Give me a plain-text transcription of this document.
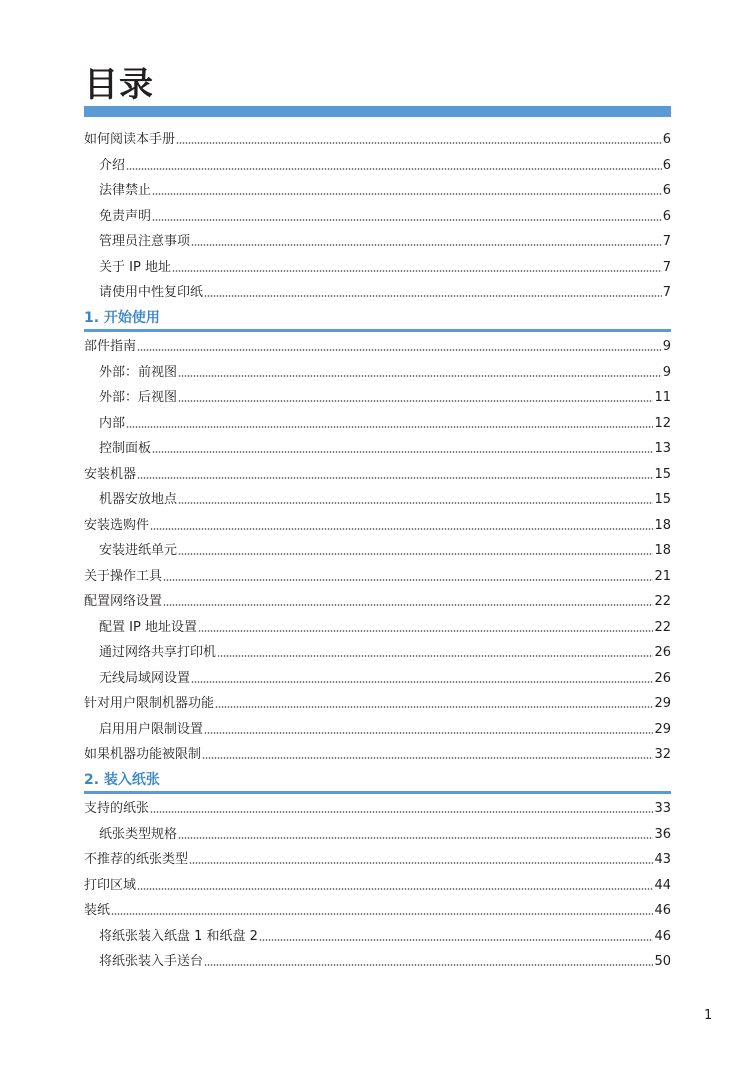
目录
如何阅读本手册	6
介绍	6
法律禁止	6
免责声明	6
管理员注意事项	7
关于 IP 地址	7
请使用中性复印纸	7
1. 开始使用
部件指南	9
外部：前视图	9
外部：后视图	11
内部	12
控制面板	13
安装机器	15
机器安放地点	15
安装选购件	18
安装进纸单元	18
关于操作工具	21
配置网络设置	22
配置 IP 地址设置	22
通过网络共享打印机	26
无线局域网设置	26
针对用户限制机器功能	29
启用用户限制设置	29
如果机器功能被限制	32
2. 装入纸张
支持的纸张	33
纸张类型规格	36
不推荐的纸张类型	43
打印区域	44
装纸	46
将纸张装入纸盘 1 和纸盘 2	46
将纸张装入手送台	50
1
